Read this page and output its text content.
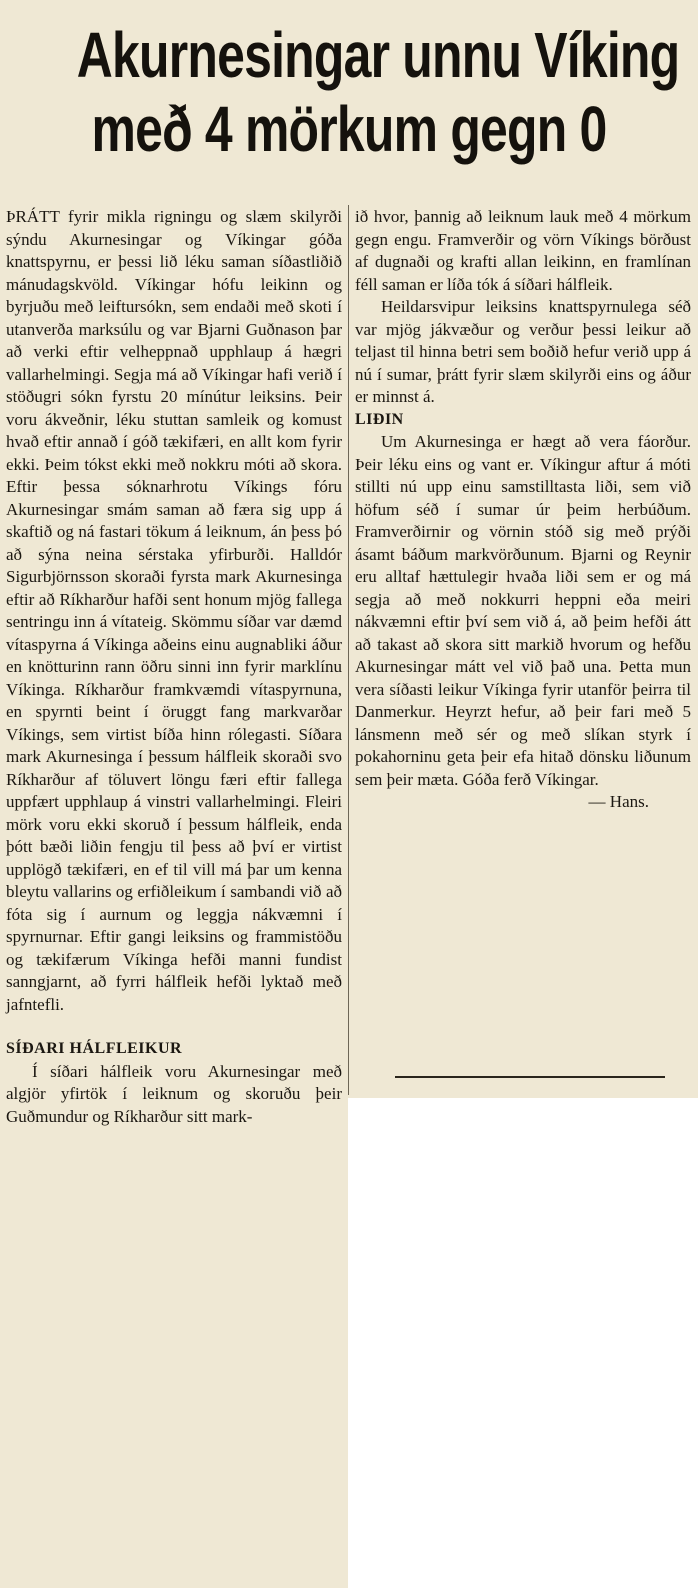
Akurnesingar unnu Víking
með 4 mörkum gegn 0

ÞRÁTT fyrir mikla rigningu og slæm skilyrði sýndu Akurnesingar og Víkingar góða knattspyrnu, er þessi lið léku saman síðastliðið mánudagskvöld. Víkingar hófu leikinn og byrjuðu með leiftursókn, sem endaði með skoti í utanverða marksúlu og var Bjarni Guðnason þar að verki eftir velheppnað upphlaup á hægri vallarhelmingi. Segja má að Víkingar hafi verið í stöðugri sókn fyrstu 20 mínútur leiksins. Þeir voru ákveðnir, léku stuttan samleik og komust hvað eftir annað í góð tækifæri, en allt kom fyrir ekki. Þeim tókst ekki með nokkru móti að skora. Eftir þessa sóknarhrotu Víkings fóru Akurnesingar smám saman að færa sig upp á skaftið og ná fastari tökum á leiknum, án þess þó að sýna neina sérstaka yfirburði. Halldór Sigurbjörnsson skoraði fyrsta mark Akurnesinga eftir að Ríkharður hafði sent honum mjög fallega sentringu inn á vítateig. Skömmu síðar var dæmd vítaspyrna á Víkinga aðeins einu augnabliki áður en knötturinn rann öðru sinni inn fyrir marklínu Víkinga. Ríkharður framkvæmdi vítaspyrnuna, en spyrnti beint í öruggt fang markvarðar Víkings, sem virtist bíða hinn rólegasti. Síðara mark Akurnesinga í þessum hálfleik skoraði svo Ríkharður af töluvert löngu færi eftir fallega uppfært upphlaup á vinstri vallarhelmingi. Fleiri mörk voru ekki skoruð í þessum hálfleik, enda þótt bæði liðin fengju til þess að því er virtist upplögð tækifæri, en ef til vill má þar um kenna bleytu vallarins og erfiðleikum í sambandi við að fóta sig í aurnum og leggja nákvæmni í spyrnurnar. Eftir gangi leiksins og frammistöðu og tækifærum Víkinga hefði manni fundist sanngjarnt, að fyrri hálfleik hefði lyktað með jafntefli.

SÍÐARI HÁLFLEIKUR

Í síðari hálfleik voru Akurnesingar með algjör yfirtök í leiknum og skoruðu þeir Guðmundur og Ríkharður sitt mark-

ið hvor, þannig að leiknum lauk með 4 mörkum gegn engu. Framverðir og vörn Víkings börðust af dugnaði og krafti allan leikinn, en framlínan féll saman er líða tók á síðari hálfleik.

Heildarsvipur leiksins knattspyrnulega séð var mjög jákvæður og verður þessi leikur að teljast til hinna betri sem boðið hefur verið upp á nú í sumar, þrátt fyrir slæm skilyrði eins og áður er minnst á.

LIÐIN

Um Akurnesinga er hægt að vera fáorður. Þeir léku eins og vant er. Víkingur aftur á móti stillti nú upp einu samstilltasta liði, sem við höfum séð í sumar úr þeim herbúðum. Framverðirnir og vörnin stóð sig með prýði ásamt báðum markvörðunum. Bjarni og Reynir eru alltaf hættulegir hvaða liði sem er og má segja að með nokkurri heppni eða meiri nákvæmni eftir því sem við á, að þeim hefði átt að takast að skora sitt markið hvorum og hefðu Akurnesingar mátt vel við það una. Þetta mun vera síðasti leikur Víkinga fyrir utanför þeirra til Danmerkur. Heyrzt hefur, að þeir fari með 5 lánsmenn með sér og með slíkan styrk í pokahorninu geta þeir efa hitað dönsku liðunum sem þeir mæta. Góða ferð Víkingar.

— Hans.
